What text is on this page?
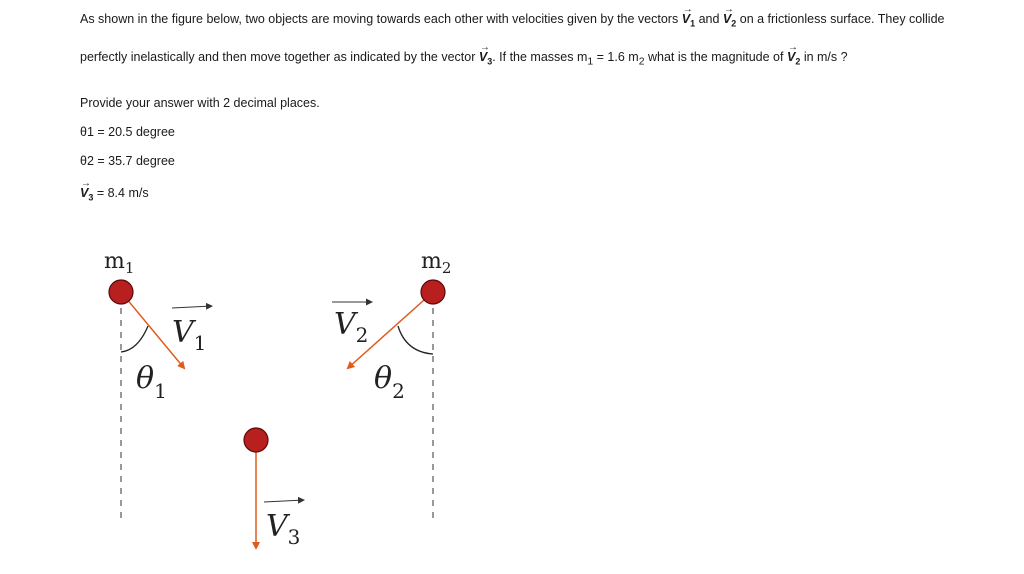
As shown in the figure below, two objects are moving towards each other with velocities given by the vectors
→
$V_1$ and
→
$V_2$ on a frictionless surface. They collide
perfectly inelastically and then move together as indicated by the vector
→
$V_3$. If the masses $m_1 = 1.6$ $m_2$ what is the magnitude of
→
$V_2$ in m/s ?
Provide your answer with 2 decimal places.
θ1 = 20.5 degree
θ2 = 35.7 degree
→
$V_3 = 8.4$ m/s
$m_1$	$m_2$
$V_1$
$V_2$
$\theta_1$	$\theta_2$
$V_3$
